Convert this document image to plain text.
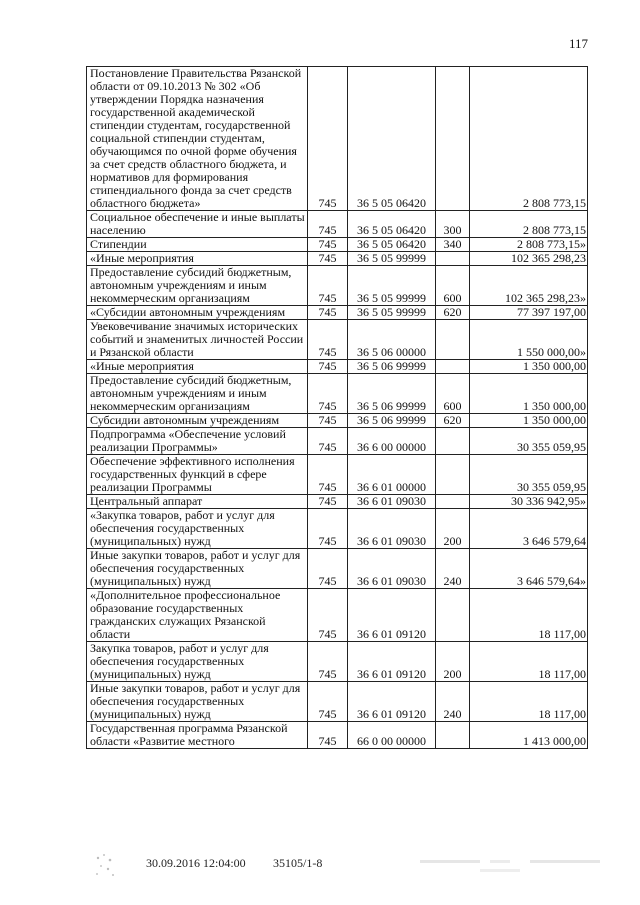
117
Постановление Правительства Рязанской области от 09.10.2013 № 302 «Об утверждении Порядка назначения государственной академической стипендии студентам, государственной социальной стипендии студентам, обучающимся по очной форме обучения за счет средств областного бюджета, и нормативов для формирования стипендиального фонда за счет средств областного бюджета»	745	36 5 05 06420		2 808 773,15
Социальное обеспечение и иные выплаты населению	745	36 5 05 06420	300	2 808 773,15
Стипендии	745	36 5 05 06420	340	2 808 773,15»
«Иные мероприятия	745	36 5 05 99999		102 365 298,23
Предоставление субсидий бюджетным, автономным учреждениям и иным некоммерческим организациям	745	36 5 05 99999	600	102 365 298,23»
«Субсидии автономным учреждениям	745	36 5 05 99999	620	77 397 197,00
Увековечивание значимых исторических событий и знаменитых личностей России и Рязанской области	745	36 5 06 00000		1 550 000,00»
«Иные мероприятия	745	36 5 06 99999		1 350 000,00
Предоставление субсидий бюджетным, автономным учреждениям и иным некоммерческим организациям	745	36 5 06 99999	600	1 350 000,00
Субсидии автономным учреждениям	745	36 5 06 99999	620	1 350 000,00
Подпрограмма «Обеспечение условий реализации Программы»	745	36 6 00 00000		30 355 059,95
Обеспечение эффективного исполнения государственных функций в сфере реализации Программы	745	36 6 01 00000		30 355 059,95
Центральный аппарат	745	36 6 01 09030		30 336 942,95»
«Закупка товаров, работ и услуг для обеспечения государственных (муниципальных) нужд	745	36 6 01 09030	200	3 646 579,64
Иные закупки товаров, работ и услуг для обеспечения государственных (муниципальных) нужд	745	36 6 01 09030	240	3 646 579,64»
«Дополнительное профессиональное образование государственных гражданских служащих Рязанской области	745	36 6 01 09120		18 117,00
Закупка товаров, работ и услуг для обеспечения государственных (муниципальных) нужд	745	36 6 01 09120	200	18 117,00
Иные закупки товаров, работ и услуг для обеспечения государственных (муниципальных) нужд	745	36 6 01 09120	240	18 117,00
Государственная программа Рязанской области «Развитие местного	745	66 0 00 00000		1 413 000,00
30.09.2016 12:04:00 35105/1-8
